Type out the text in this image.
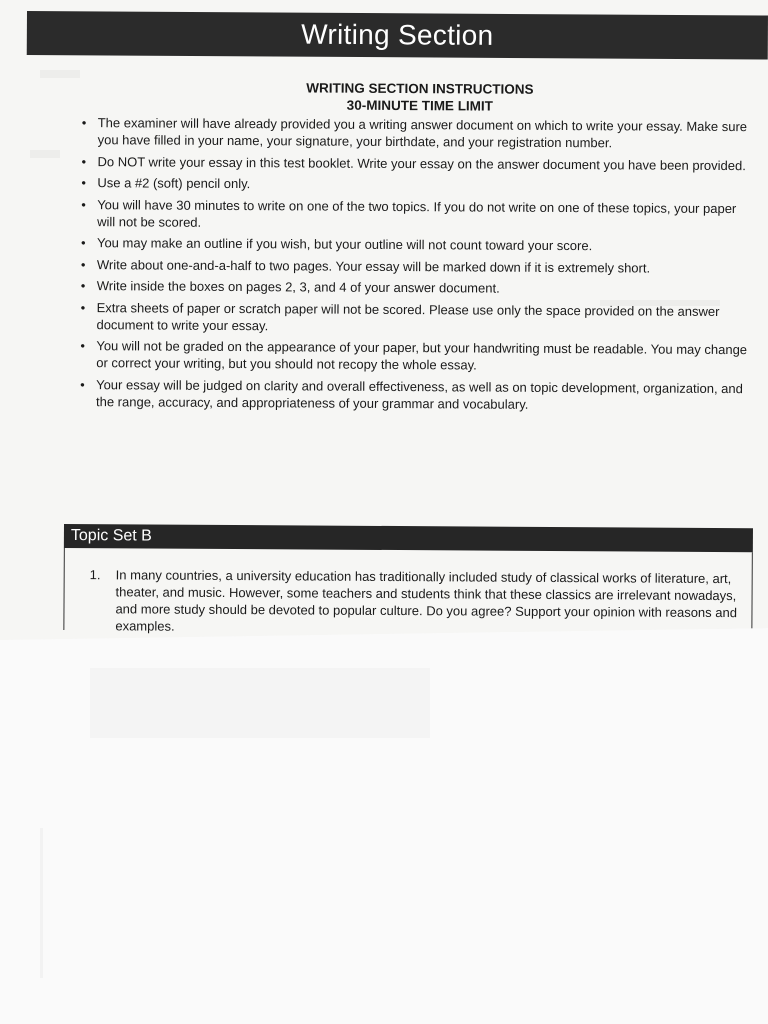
Writing Section
WRITING SECTION INSTRUCTIONS
30-MINUTE TIME LIMIT
• The examiner will have already provided you a writing answer document on which to write your essay. Make sure you have filled in your name, your signature, your birthdate, and your registration number.
• Do NOT write your essay in this test booklet. Write your essay on the answer document you have been provided.
• Use a #2 (soft) pencil only.
• You will have 30 minutes to write on one of the two topics. If you do not write on one of these topics, your paper will not be scored.
• You may make an outline if you wish, but your outline will not count toward your score.
• Write about one-and-a-half to two pages. Your essay will be marked down if it is extremely short.
• Write inside the boxes on pages 2, 3, and 4 of your answer document.
• Extra sheets of paper or scratch paper will not be scored. Please use only the space provided on the answer document to write your essay.
• You will not be graded on the appearance of your paper, but your handwriting must be readable. You may change or correct your writing, but you should not recopy the whole essay.
• Your essay will be judged on clarity and overall effectiveness, as well as on topic development, organization, and the range, accuracy, and appropriateness of your grammar and vocabulary.
Topic Set B
1. In many countries, a university education has traditionally included study of classical works of literature, art, theater, and music. However, some teachers and students think that these classics are irrelevant nowadays, and more study should be devoted to popular culture. Do you agree? Support your opinion with reasons and examples.
